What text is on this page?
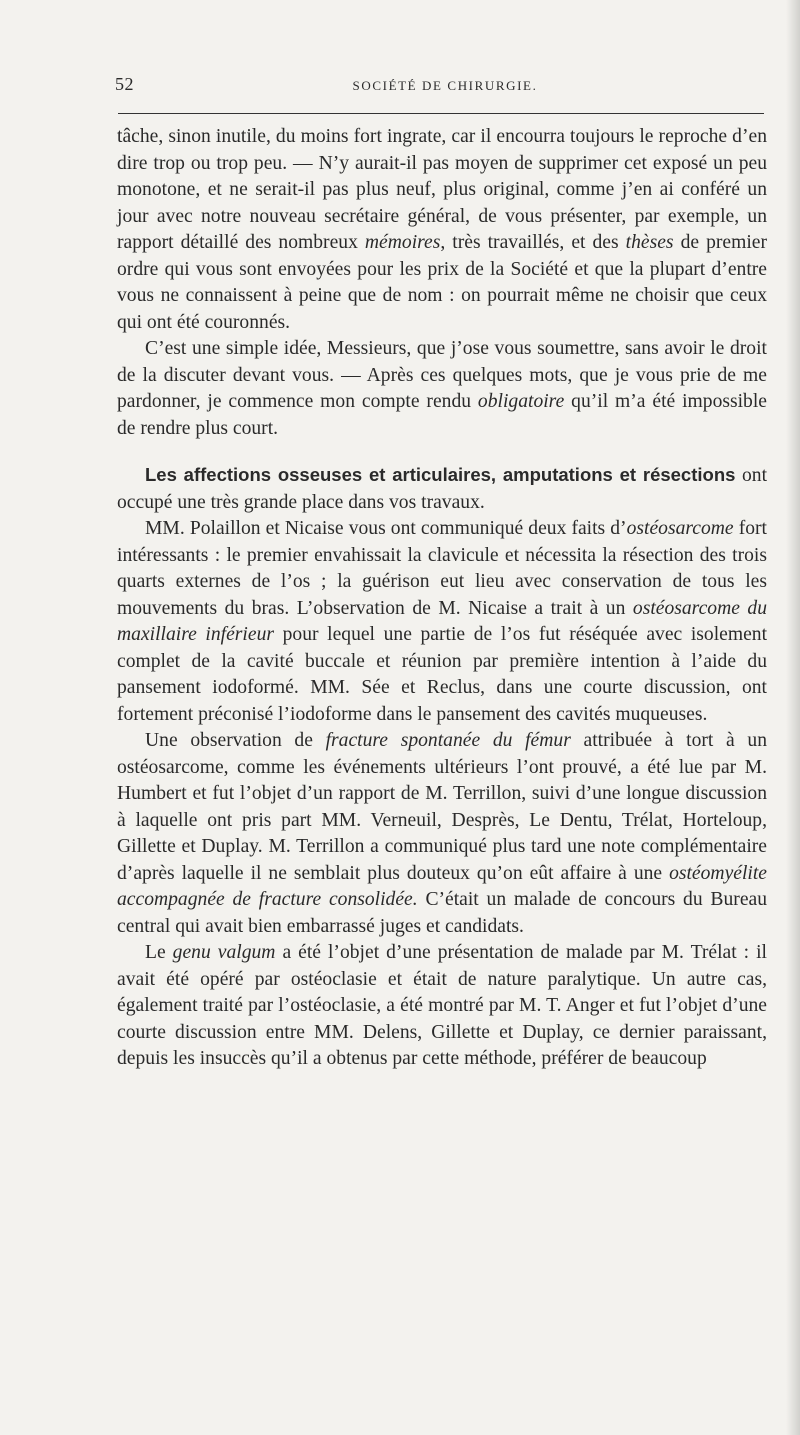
52	SOCIÉTÉ DE CHIRURGIE.

tâche, sinon inutile, du moins fort ingrate, car il encourra toujours le reproche d’en dire trop ou trop peu. — N’y aurait-il pas moyen de supprimer cet exposé un peu monotone, et ne serait-il pas plus neuf, plus original, comme j’en ai conféré un jour avec notre nouveau secrétaire général, de vous présenter, par exemple, un rapport détaillé des nombreux mémoires, très travaillés, et des thèses de premier ordre qui vous sont envoyées pour les prix de la Société et que la plupart d’entre vous ne connaissent à peine que de nom : on pourrait même ne choisir que ceux qui ont été couronnés.

C’est une simple idée, Messieurs, que j’ose vous soumettre, sans avoir le droit de la discuter devant vous. — Après ces quelques mots, que je vous prie de me pardonner, je commence mon compte rendu obligatoire qu’il m’a été impossible de rendre plus court.

Les affections osseuses et articulaires, amputations et résections ont occupé une très grande place dans vos travaux.

MM. Polaillon et Nicaise vous ont communiqué deux faits d’ostéosarcome fort intéressants : le premier envahissait la clavicule et nécessita la résection des trois quarts externes de l’os ; la guérison eut lieu avec conservation de tous les mouvements du bras. L’observation de M. Nicaise a trait à un ostéosarcome du maxillaire inférieur pour lequel une partie de l’os fut réséquée avec isolement complet de la cavité buccale et réunion par première intention à l’aide du pansement iodoformé. MM. Sée et Reclus, dans une courte discussion, ont fortement préconisé l’iodoforme dans le pansement des cavités muqueuses.

Une observation de fracture spontanée du fémur attribuée à tort à un ostéosarcome, comme les événements ultérieurs l’ont prouvé, a été lue par M. Humbert et fut l’objet d’un rapport de M. Terrillon, suivi d’une longue discussion à laquelle ont pris part MM. Verneuil, Desprès, Le Dentu, Trélat, Horteloup, Gillette et Duplay. M. Terrillon a communiqué plus tard une note complémentaire d’après laquelle il ne semblait plus douteux qu’on eût affaire à une ostéomyélite accompagnée de fracture consolidée. C’était un malade de concours du Bureau central qui avait bien embarrassé juges et candidats.

Le genu valgum a été l’objet d’une présentation de malade par M. Trélat : il avait été opéré par ostéoclasie et était de nature paralytique. Un autre cas, également traité par l’ostéoclasie, a été montré par M. T. Anger et fut l’objet d’une courte discussion entre MM. Delens, Gillette et Duplay, ce dernier paraissant, depuis les insuccès qu’il a obtenus par cette méthode, préférer de beaucoup
